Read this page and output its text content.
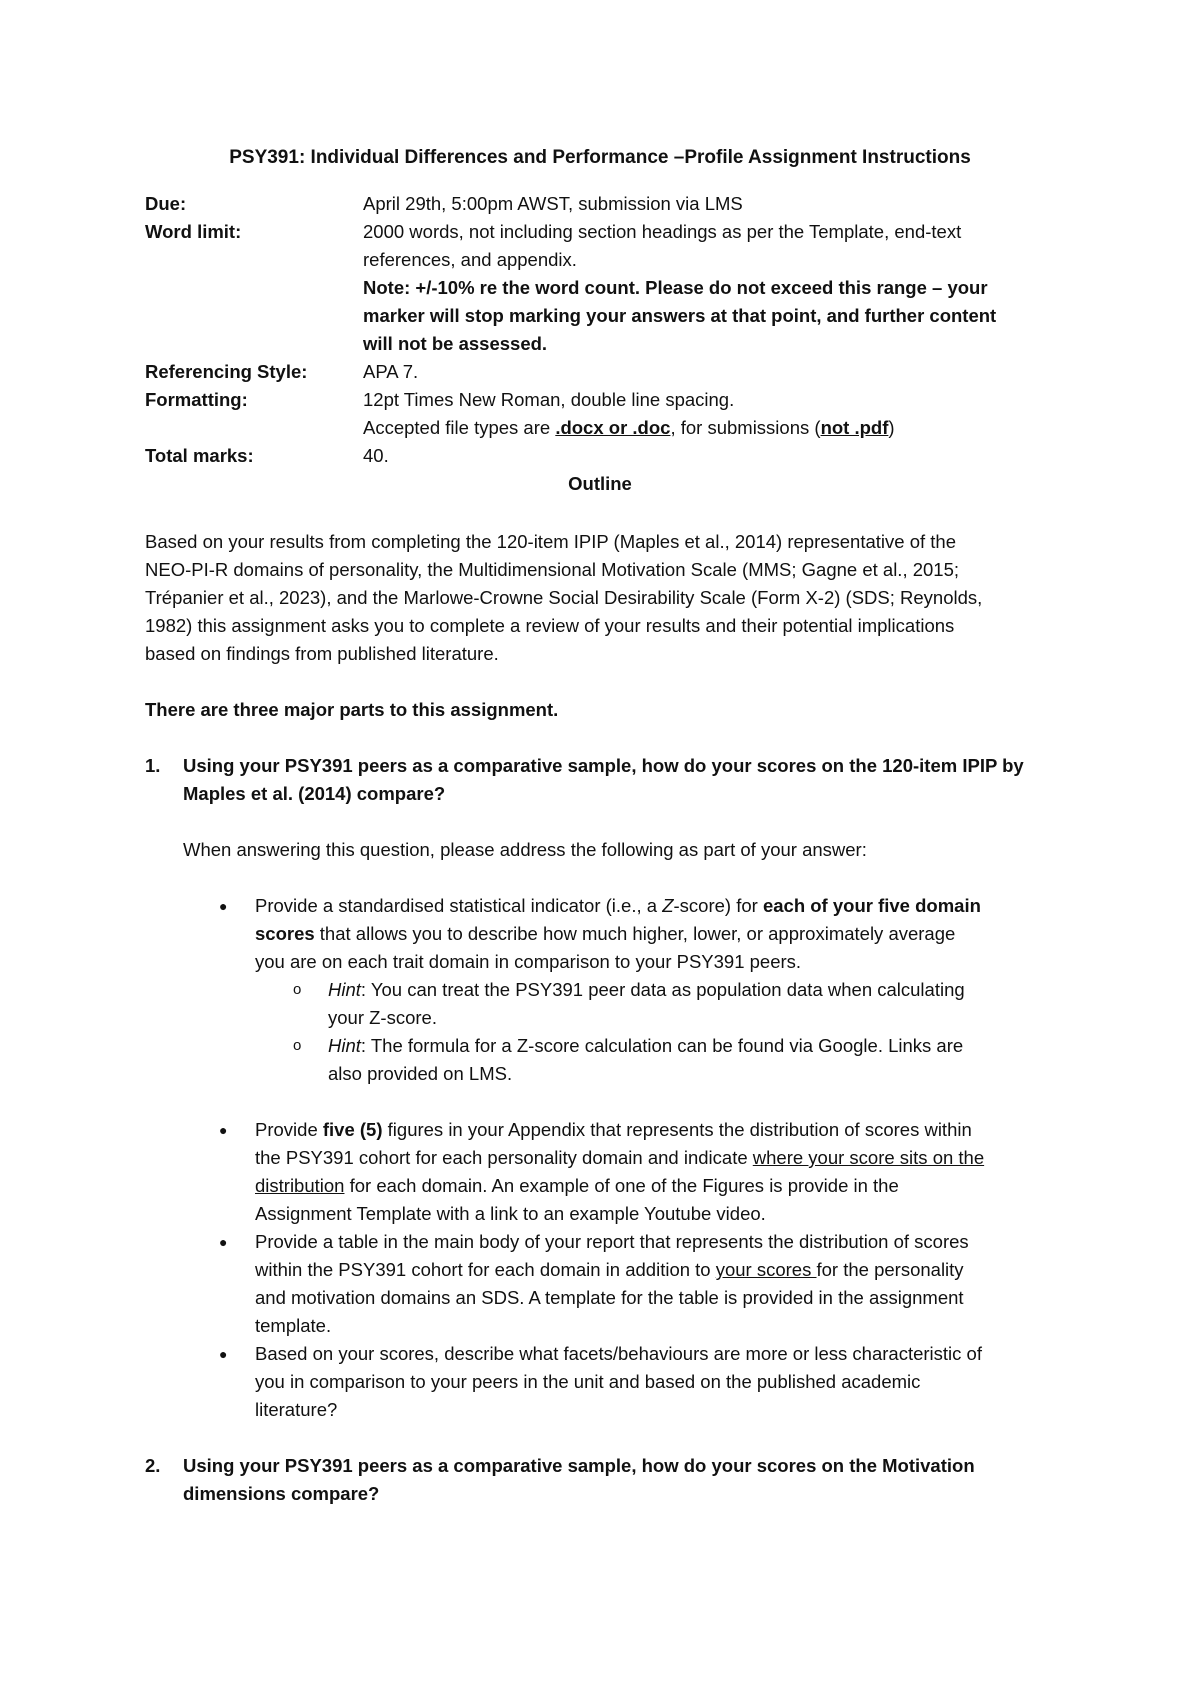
PSY391: Individual Differences and Performance –Profile Assignment Instructions
Due:	April 29th, 5:00pm AWST, submission via LMS
Word limit:	2000 words, not including section headings as per the Template, end-text
references, and appendix.
Note: +/-10% re the word count. Please do not exceed this range – your
marker will stop marking your answers at that point, and further content
will not be assessed.
Referencing Style:	APA 7.
Formatting:	12pt Times New Roman, double line spacing.
Accepted file types are .docx or .doc, for submissions (not .pdf)
Total marks:	40.
Outline
Based on your results from completing the 120-item IPIP (Maples et al., 2014) representative of the
NEO-PI-R domains of personality, the Multidimensional Motivation Scale (MMS; Gagne et al., 2015;
Trépanier et al., 2023), and the Marlowe-Crowne Social Desirability Scale (Form X-2) (SDS; Reynolds,
1982) this assignment asks you to complete a review of your results and their potential implications
based on findings from published literature.
There are three major parts to this assignment.
1. Using your PSY391 peers as a comparative sample, how do your scores on the 120-item IPIP by
Maples et al. (2014) compare?
When answering this question, please address the following as part of your answer:
● Provide a standardised statistical indicator (i.e., a Z-score) for each of your five domain
scores that allows you to describe how much higher, lower, or approximately average
you are on each trait domain in comparison to your PSY391 peers.
o Hint: You can treat the PSY391 peer data as population data when calculating
your Z-score.
o Hint: The formula for a Z-score calculation can be found via Google. Links are
also provided on LMS.
● Provide five (5) figures in your Appendix that represents the distribution of scores within
the PSY391 cohort for each personality domain and indicate where your score sits on the
distribution for each domain. An example of one of the Figures is provide in the
Assignment Template with a link to an example Youtube video.
● Provide a table in the main body of your report that represents the distribution of scores
within the PSY391 cohort for each domain in addition to your scores for the personality
and motivation domains an SDS. A template for the table is provided in the assignment
template.
● Based on your scores, describe what facets/behaviours are more or less characteristic of
you in comparison to your peers in the unit and based on the published academic
literature?
2. Using your PSY391 peers as a comparative sample, how do your scores on the Motivation
dimensions compare?
